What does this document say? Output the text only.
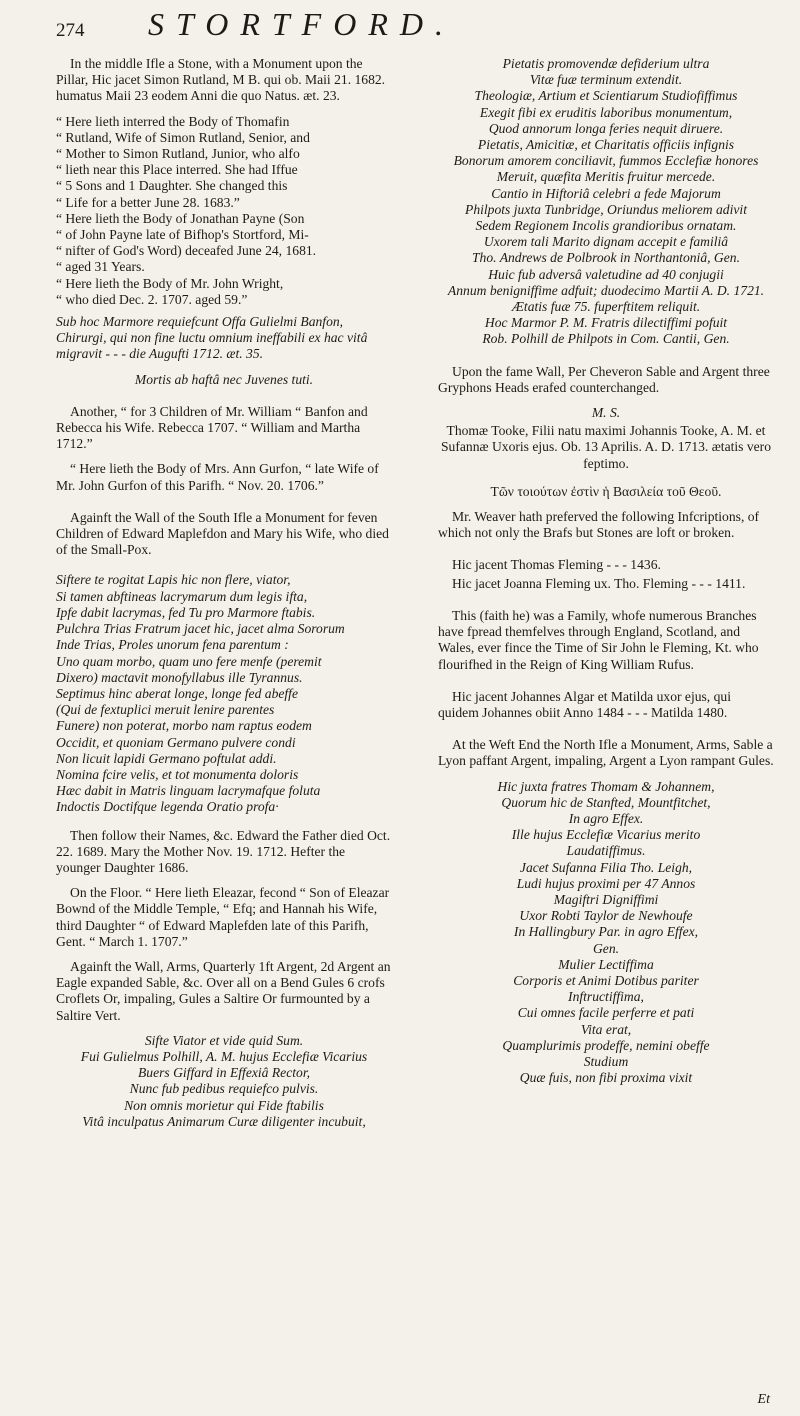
274 STORTFORD.

In the middle Ifle a Stone, with a Monument upon the Pillar, Hic jacet Simon Rutland, M B. qui ob. Maii 21. 1682. humatus Maii 23 eodem Anni die quo Natus. æt. 23.

“ Here lieth interred the Body of Thomafin
“ Rutland, Wife of Simon Rutland, Senior, and
“ Mother to Simon Rutland, Junior, who alfo
“ lieth near this Place interred. She had Iffue
“ 5 Sons and 1 Daughter. She changed this
“ Life for a better June 28. 1683.”
“ Here lieth the Body of Jonathan Payne (Son
“ of John Payne late of Bifhop's Stortford, Mi-
“ nifter of God's Word) deceafed June 24, 1681.
“ aged 31 Years.
“ Here lieth the Body of Mr. John Wright,
“ who died Dec. 2. 1707. aged 59.”

Sub hoc Marmore requiefcunt Offa Gulielmi Banfon, Chirurgi, qui non fine luctu omnium ineffabili ex hac vitâ migravit - - - die Augufti 1712. æt. 35.

Mortis ab haftâ nec Juvenes tuti.

Another, “ for 3 Children of Mr. William “ Banfon and Rebecca his Wife. Rebecca 1707. “ William and Martha 1712.”

“ Here lieth the Body of Mrs. Ann Gurfon, “ late Wife of Mr. John Gurfon of this Parifh. “ Nov. 20. 1706.”

Againft the Wall of the South Ifle a Monument for feven Children of Edward Maplefdon and Mary his Wife, who died of the Small-Pox.

Siftere te rogitat Lapis hic non flere, viator,
Si tamen abftineas lacrymarum dum legis ifta,
Ipfe dabit lacrymas, fed Tu pro Marmore ftabis.
Pulchra Trias Fratrum jacet hic, jacet alma Sororum
Inde Trias, Proles unorum fena parentum :
Uno quam morbo, quam uno fere menfe (peremit
Dixero) mactavit monofyllabus ille Tyrannus.
Septimus hinc aberat longe, longe fed abeffe
(Qui de fextuplici meruit lenire parentes
Funere) non poterat, morbo nam raptus eodem
Occidit, et quoniam Germano pulvere condi
Non licuit lapidi Germano poftulat addi.
Nomina fcire velis, et tot monumenta doloris
Hæc dabit in Matris linguam lacrymafque foluta
Indoctis Doctifque legenda Oratio profa·

Then follow their Names, &c. Edward the Father died Oct. 22. 1689. Mary the Mother Nov. 19. 1712. Hefter the younger Daughter 1686.

On the Floor. “ Here lieth Eleazar, fecond “ Son of Eleazar Bownd of the Middle Temple, “ Efq; and Hannah his Wife, third Daughter “ of Edward Maplefden late of this Parifh, Gent. “ March 1. 1707.”

Againft the Wall, Arms, Quarterly 1ft Argent, 2d Argent an Eagle expanded Sable, &c. Over all on a Bend Gules 6 crofs Croflets Or, impaling, Gules a Saltire Or furmounted by a Saltire Vert.

Sifte Viator et vide quid Sum.
Fui Gulielmus Polhill, A. M. hujus Ecclefiæ Vicarius
Buers Giffard in Effexiâ Rector,
Nunc fub pedibus requiefco pulvis.
Non omnis morietur qui Fide ftabilis
Vitâ inculpatus Animarum Curæ diligenter incubuit,
Pietatis promovendæ defiderium ultra
Vitæ fuæ terminum extendit.
Theologiæ, Artium et Scientiarum Studiofiffimus
Exegit fibi ex eruditis laboribus monumentum,
Quod annorum longa feries nequit diruere.
Pietatis, Amicitiæ, et Charitatis officiis infignis
Bonorum amorem conciliavit, fummos Ecclefiæ honores
Meruit, quæfita Meritis fruitur mercede.
Cantio in Hiftoriâ celebri a fede Majorum
Philpots juxta Tunbridge, Oriundus meliorem adivit
Sedem Regionem Incolis grandioribus ornatam.
Uxorem tali Marito dignam accepit e familiâ
Tho. Andrews de Polbrook in Northantoniâ, Gen.
Huic fub adversâ valetudine ad 40 conjugii
Annum benigniffime adfuit; duodecimo Martii A. D. 1721.
Ætatis fuæ 75. fuperftitem reliquit.
Hoc Marmor P. M. Fratris dilectiffimi pofuit
Rob. Polhill de Philpots in Com. Cantii, Gen.

Upon the fame Wall, Per Cheveron Sable and Argent three Gryphons Heads erafed counterchanged.

M. S.

Thomæ Tooke, Filii natu maximi Johannis Tooke, A. M. et Sufannæ Uxoris ejus. Ob. 13 Aprilis. A. D. 1713. ætatis vero feptimo.

Τῶν τοιούτων ἐστὶν ἡ Βασιλεία τοῦ Θεοῦ.

Mr. Weaver hath preferved the following Infcriptions, of which not only the Brafs but Stones are loft or broken.

Hic jacent Thomas Fleming - - - 1436.

Hic jacet Joanna Fleming ux. Tho. Fleming - - - 1411.

This (faith he) was a Family, whofe numerous Branches have fpread themfelves through England, Scotland, and Wales, ever fince the Time of Sir John le Fleming, Kt. who flourifhed in the Reign of King William Rufus.

Hic jacent Johannes Algar et Matilda uxor ejus, qui quidem Johannes obiit Anno 1484 - - - Matilda 1480.

At the Weft End the North Ifle a Monument, Arms, Sable a Lyon paffant Argent, impaling, Argent a Lyon rampant Gules.

Hic juxta fratres Thomam & Johannem,
Quorum hic de Stanfted, Mountfitchet,
In agro Effex.
Ille hujus Ecclefiæ Vicarius merito
Laudatiffimus.
Jacet Sufanna Filia Tho. Leigh,
Ludi hujus proximi per 47 Annos
Magiftri Digniffimi
Uxor Robti Taylor de Newhoufe
In Hallingbury Par. in agro Effex,
Gen.
Mulier Lectiffima
Corporis et Animi Dotibus pariter
Inftructiffima,
Cui omnes facile perferre et pati
Vita erat,
Quamplurimis prodeffe, nemini obeffe
Studium
Quæ fuis, non fibi proxima vixit
Et
